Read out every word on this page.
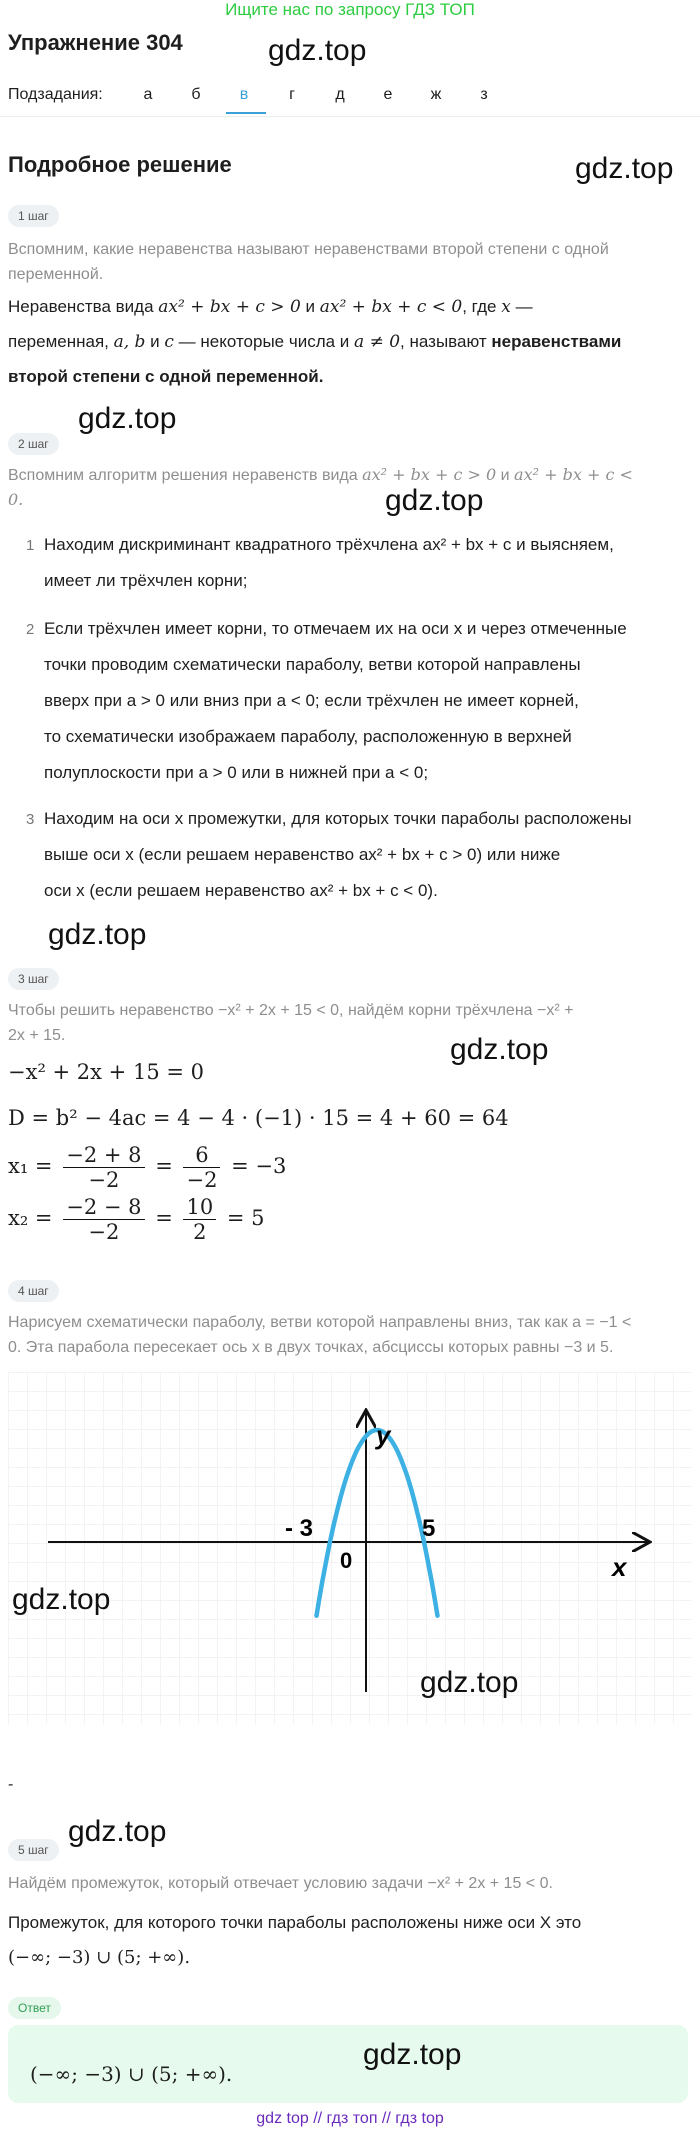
Ищите нас по запросу ГДЗ ТОП
Упражнение 304	gdz.top
Подзадания:	а	б	в	г	д	е	ж	з
Подробное решение	gdz.top
1 шаг
Вспомним, какие неравенства называют неравенствами второй степени с одной переменной.
Неравенства вида ax² + bx + c > 0 и ax² + bx + c < 0, где x —
переменная, a, b и c — некоторые числа и a ≠ 0, называют неравенствами
второй степени с одной переменной.
gdz.top
2 шаг
Вспомним алгоритм решения неравенств вида ax² + bx + c > 0 и ax² + bx + c <
0.	gdz.top
1 Находим дискриминант квадратного трёхчлена ax² + bx + c и выясняем,
имеет ли трёхчлен корни;
2 Если трёхчлен имеет корни, то отмечаем их на оси x и через отмеченные
точки проводим схематически параболу, ветви которой направлены
вверх при a > 0 или вниз при a < 0; если трёхчлен не имеет корней,
то схематически изображаем параболу, расположенную в верхней
полуплоскости при a > 0 или в нижней при a < 0;
3 Находим на оси x промежутки, для которых точки параболы расположены
выше оси x (если решаем неравенство ax² + bx + c > 0) или ниже
оси x (если решаем неравенство ax² + bx + c < 0).
gdz.top
3 шаг
Чтобы решить неравенство −x² + 2x + 15 < 0, найдём корни трёхчлена −x² +
2x + 15.	gdz.top
−x² + 2x + 15 = 0
D = b² − 4ac = 4 − 4 · (−1) · 15 = 4 + 60 = 64
$x_1 = \frac{-2 + 8}{-2} = \frac{6}{-2} = -3$
$x_2 = \frac{-2 - 8}{-2} = \frac{10}{2} = 5$
4 шаг
Нарисуем схематически параболу, ветви которой направлены вниз, так как a = −1 <
0. Эта парабола пересекает ось x в двух точках, абсциссы которых равны −3 и 5.
y
x
0
- 3	5
gdz.top
gdz.top
-
gdz.top
5 шаг
Найдём промежуток, который отвечает условию задачи −x² + 2x + 15 < 0.
Промежуток, для которого точки параболы расположены ниже оси X это
(−∞; −3) ∪ (5; +∞).
Ответ
(−∞; −3) ∪ (5; +∞).
gdz.top
gdz top // гдз топ // гдз top
